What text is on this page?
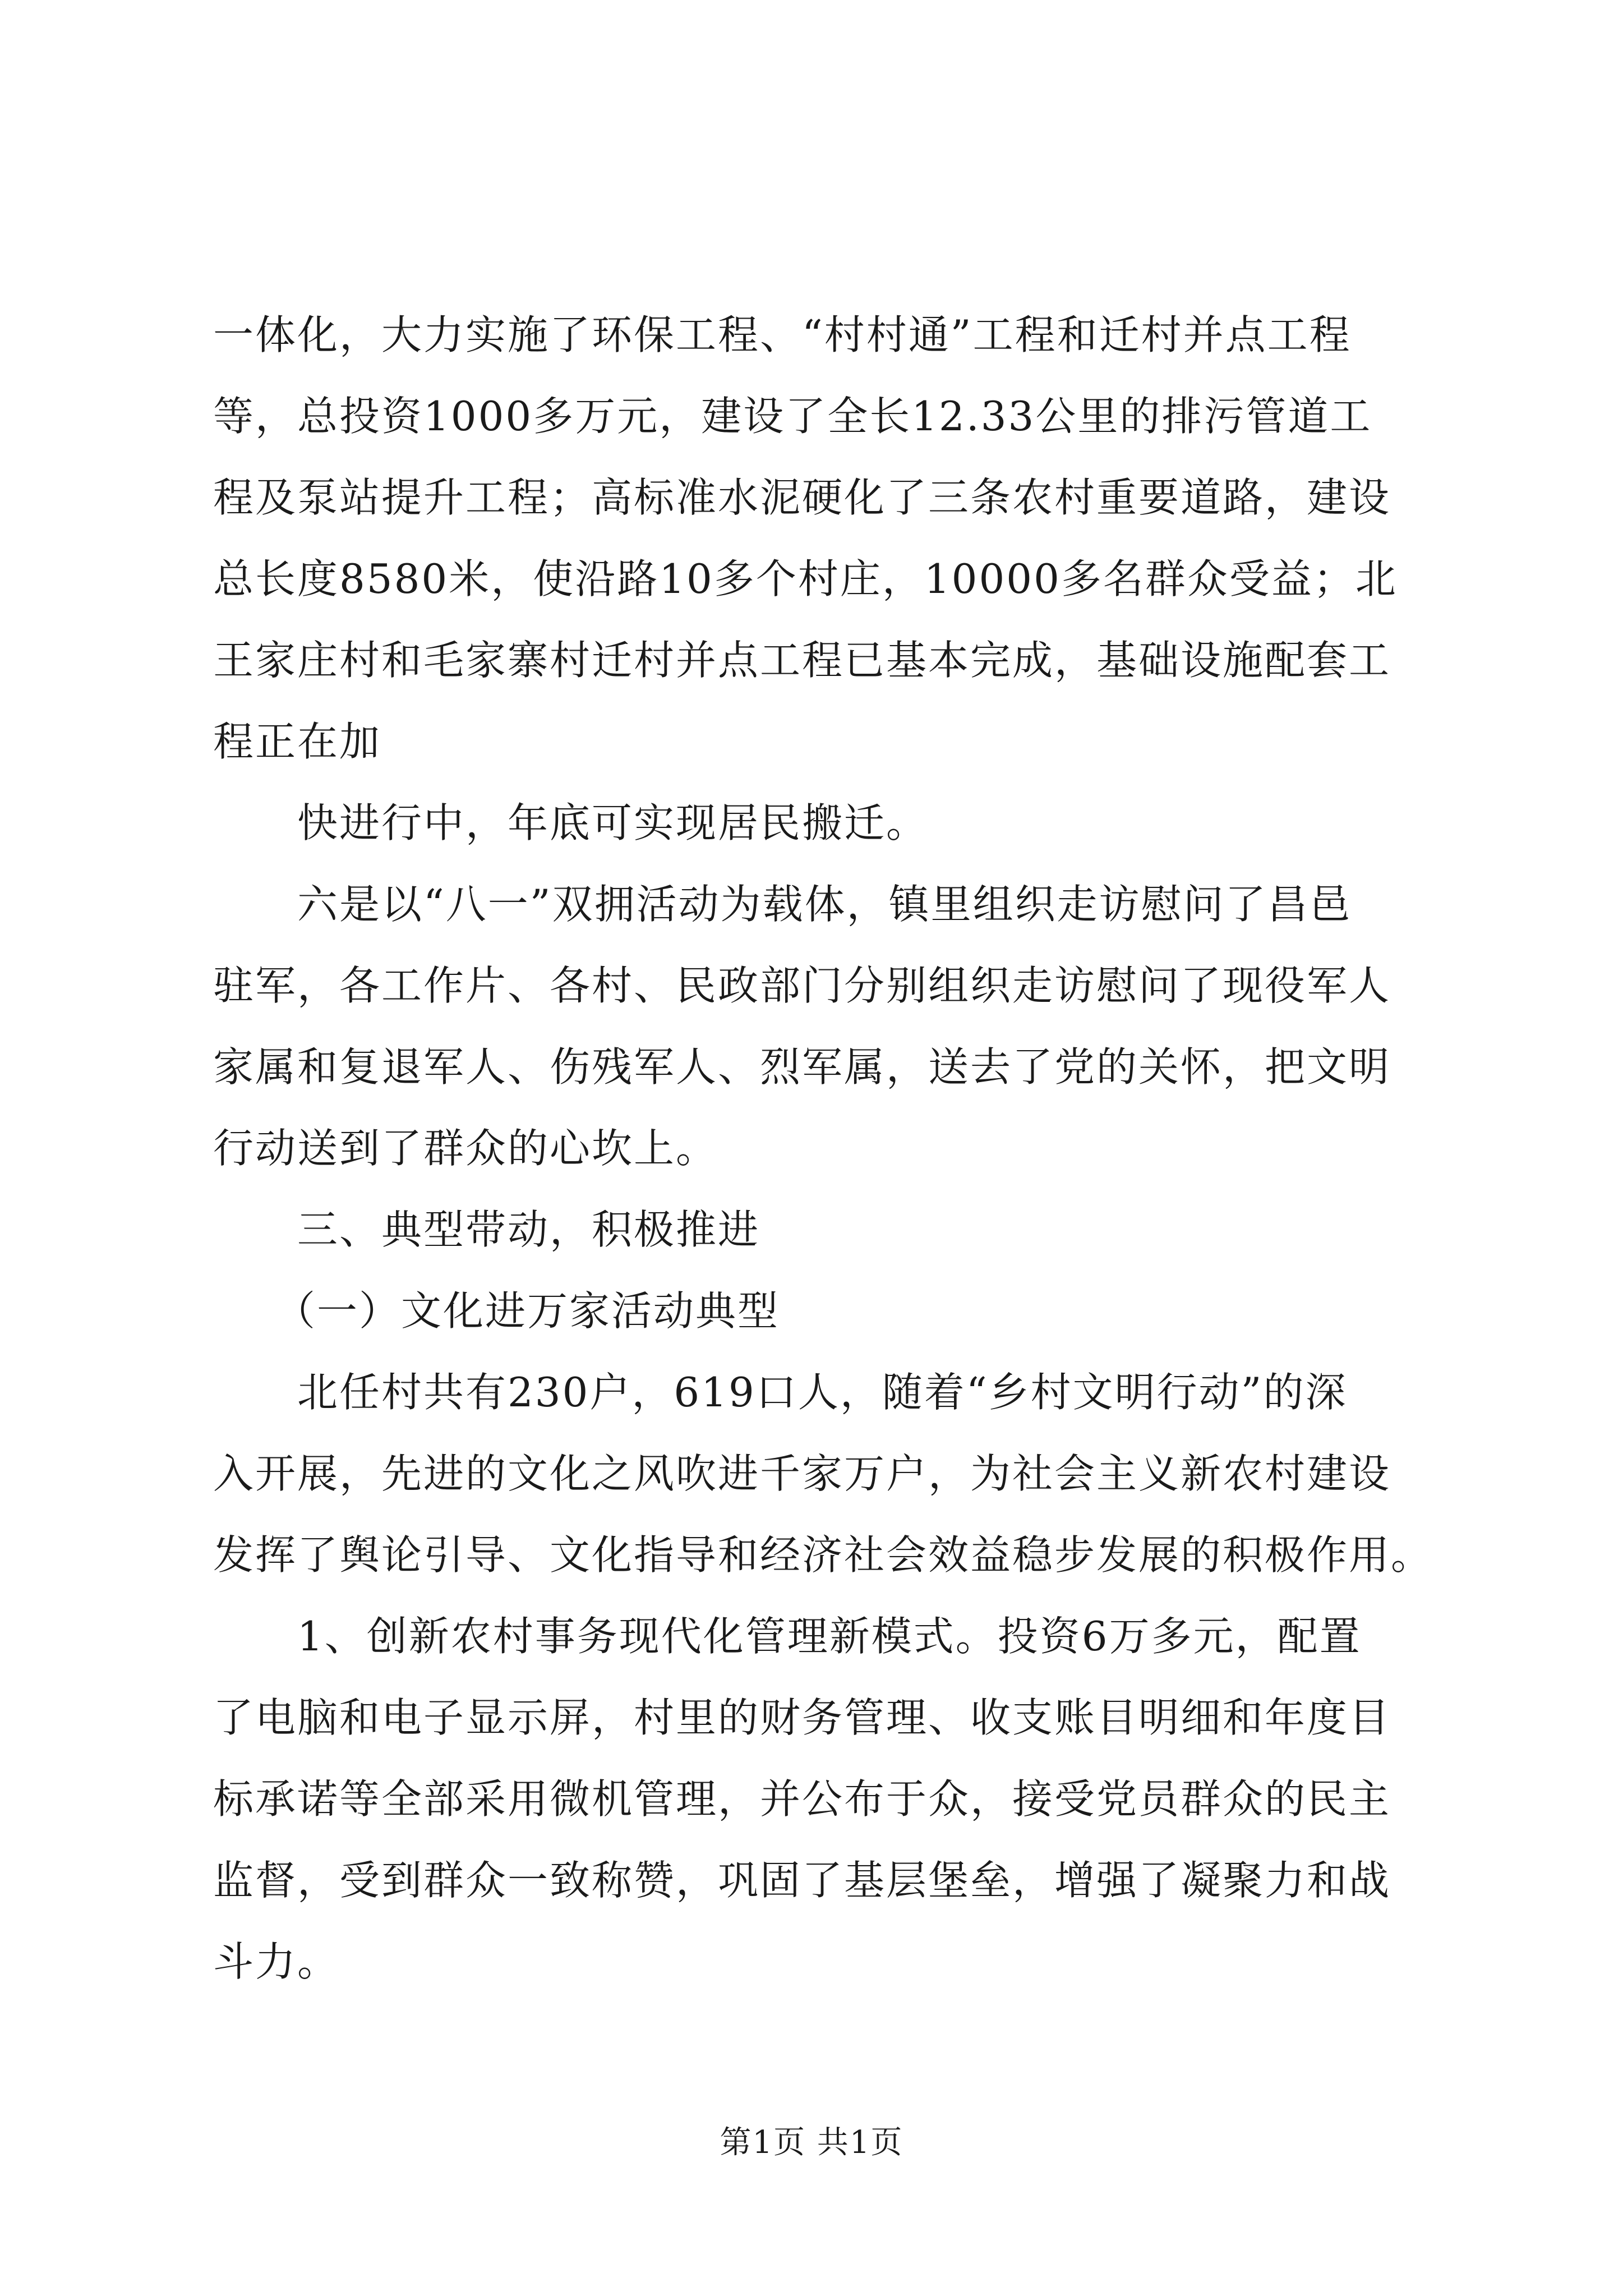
一体化，大力实施了环保工程、“村村通”工程和迁村并点工程
等，总投资1000多万元，建设了全长12.33公里的排污管道工
程及泵站提升工程；高标准水泥硬化了三条农村重要道路，建设
总长度8580米，使沿路10多个村庄，10000多名群众受益；北
王家庄村和毛家寨村迁村并点工程已基本完成，基础设施配套工
程正在加
快进行中，年底可实现居民搬迁。
六是以“八一”双拥活动为载体，镇里组织走访慰问了昌邑
驻军，各工作片、各村、民政部门分别组织走访慰问了现役军人
家属和复退军人、伤残军人、烈军属，送去了党的关怀，把文明
行动送到了群众的心坎上。
三、典型带动，积极推进
（一）文化进万家活动典型
北任村共有230户，619口人，随着“乡村文明行动”的深
入开展，先进的文化之风吹进千家万户，为社会主义新农村建设
发挥了舆论引导、文化指导和经济社会效益稳步发展的积极作用。
1、创新农村事务现代化管理新模式。投资6万多元，配置
了电脑和电子显示屏，村里的财务管理、收支账目明细和年度目
标承诺等全部采用微机管理，并公布于众，接受党员群众的民主
监督，受到群众一致称赞，巩固了基层堡垒，增强了凝聚力和战
斗力。
第1页 共1页
